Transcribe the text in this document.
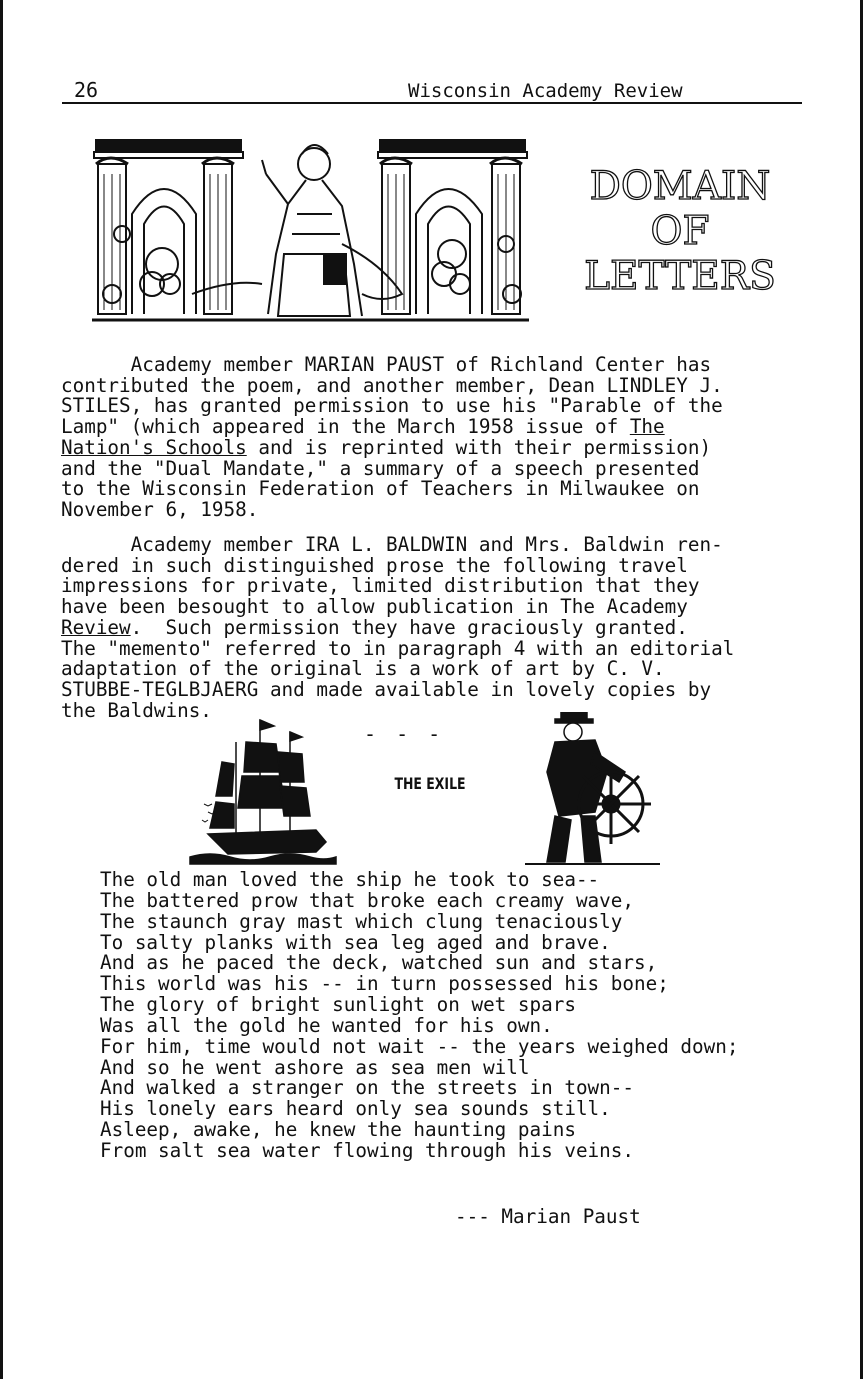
26	Wisconsin Academy Review
DOMAIN
OF
LETTERS

Academy member MARIAN PAUST of Richland Center has
contributed the poem, and another member, Dean LINDLEY J.
STILES, has granted permission to use his "Parable of the
Lamp" (which appeared in the March 1958 issue of The
Nation's Schools and is reprinted with their permission)
and the "Dual Mandate," a summary of a speech presented
to the Wisconsin Federation of Teachers in Milwaukee on
November 6, 1958.

Academy member IRA L. BALDWIN and Mrs. Baldwin ren-
dered in such distinguished prose the following travel
impressions for private, limited distribution that they
have been besought to allow publication in The Academy
Review.  Such permission they have graciously granted.
The "memento" referred to in paragraph 4 with an editorial
adaptation of the original is a work of art by C. V.
STUBBE-TEGLBJAERG and made available in lovely copies by
the Baldwins.

- - -
THE EXILE
The old man loved the ship he took to sea--
The battered prow that broke each creamy wave,
The staunch gray mast which clung tenaciously
To salty planks with sea leg aged and brave.
And as he paced the deck, watched sun and stars,
This world was his -- in turn possessed his bone;
The glory of bright sunlight on wet spars
Was all the gold he wanted for his own.
For him, time would not wait -- the years weighed down;
And so he went ashore as sea men will
And walked a stranger on the streets in town--
His lonely ears heard only sea sounds still.
Asleep, awake, he knew the haunting pains
From salt sea water flowing through his veins.
--- Marian Paust
